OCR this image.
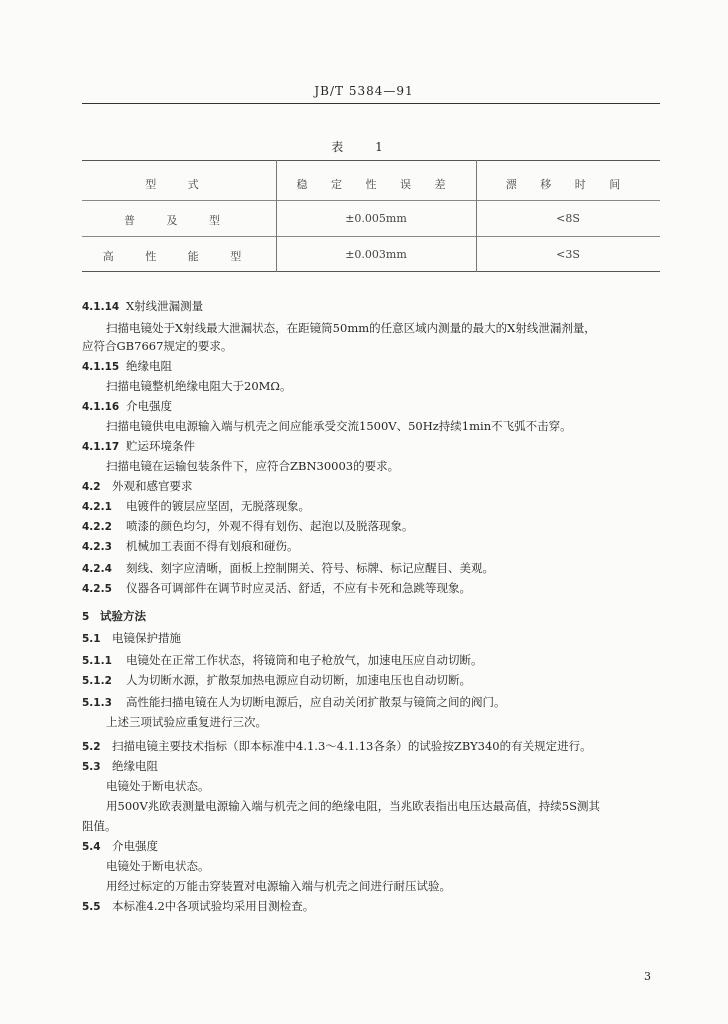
JB/T 5384—91
表 1
型 式	稳 定 性 误 差	漂 移 时 间
普 及 型	±0.005mm	<8S
高 性 能 型	±0.003mm	<3S
4.1.14 X射线泄漏测量
扫描电镜处于X射线最大泄漏状态，在距镜筒50mm的任意区域内测量的最大的X射线泄漏剂量，
应符合GB7667规定的要求。
4.1.15 绝缘电阻
扫描电镜整机绝缘电阻大于20MΩ。
4.1.16 介电强度
扫描电镜供电电源输入端与机壳之间应能承受交流1500V、50Hz持续1min不飞弧不击穿。
4.1.17 贮运环境条件
扫描电镜在运输包装条件下，应符合ZBN30003的要求。
4.2 外观和感官要求
4.2.1 电镀件的镀层应坚固，无脱落现象。
4.2.2 喷漆的颜色均匀，外观不得有划伤、起泡以及脱落现象。
4.2.3 机械加工表面不得有划痕和碰伤。
4.2.4 刻线、刻字应清晰，面板上控制開关、符号、标牌、标记应醒目、美观。
4.2.5 仪器各可调部件在调节时应灵活、舒适，不应有卡死和急跳等现象。
5 试验方法
5.1 电镜保护措施
5.1.1 电镜处在正常工作状态，将镜筒和电子枪放气，加速电压应自动切断。
5.1.2 人为切断水源，扩散泵加热电源应自动切断，加速电压也自动切断。
5.1.3 高性能扫描电镜在人为切断电源后，应自动关闭扩散泵与镜筒之间的阀门。
上述三项试验应重复进行三次。
5.2 扫描电镜主要技术指标（即本标准中4.1.3～4.1.13各条）的试验按ZBY340的有关规定进行。
5.3 绝缘电阻
电镜处于断电状态。
用500V兆欧表测量电源输入端与机壳之间的绝缘电阻，当兆欧表指出电压达最高值，持续5S测其
阻值。
5.4 介电强度
电镜处于断电状态。
用经过标定的万能击穿装置对电源输入端与机壳之间进行耐压试验。
5.5 本标准4.2中各项试验均采用目测检查。
3
